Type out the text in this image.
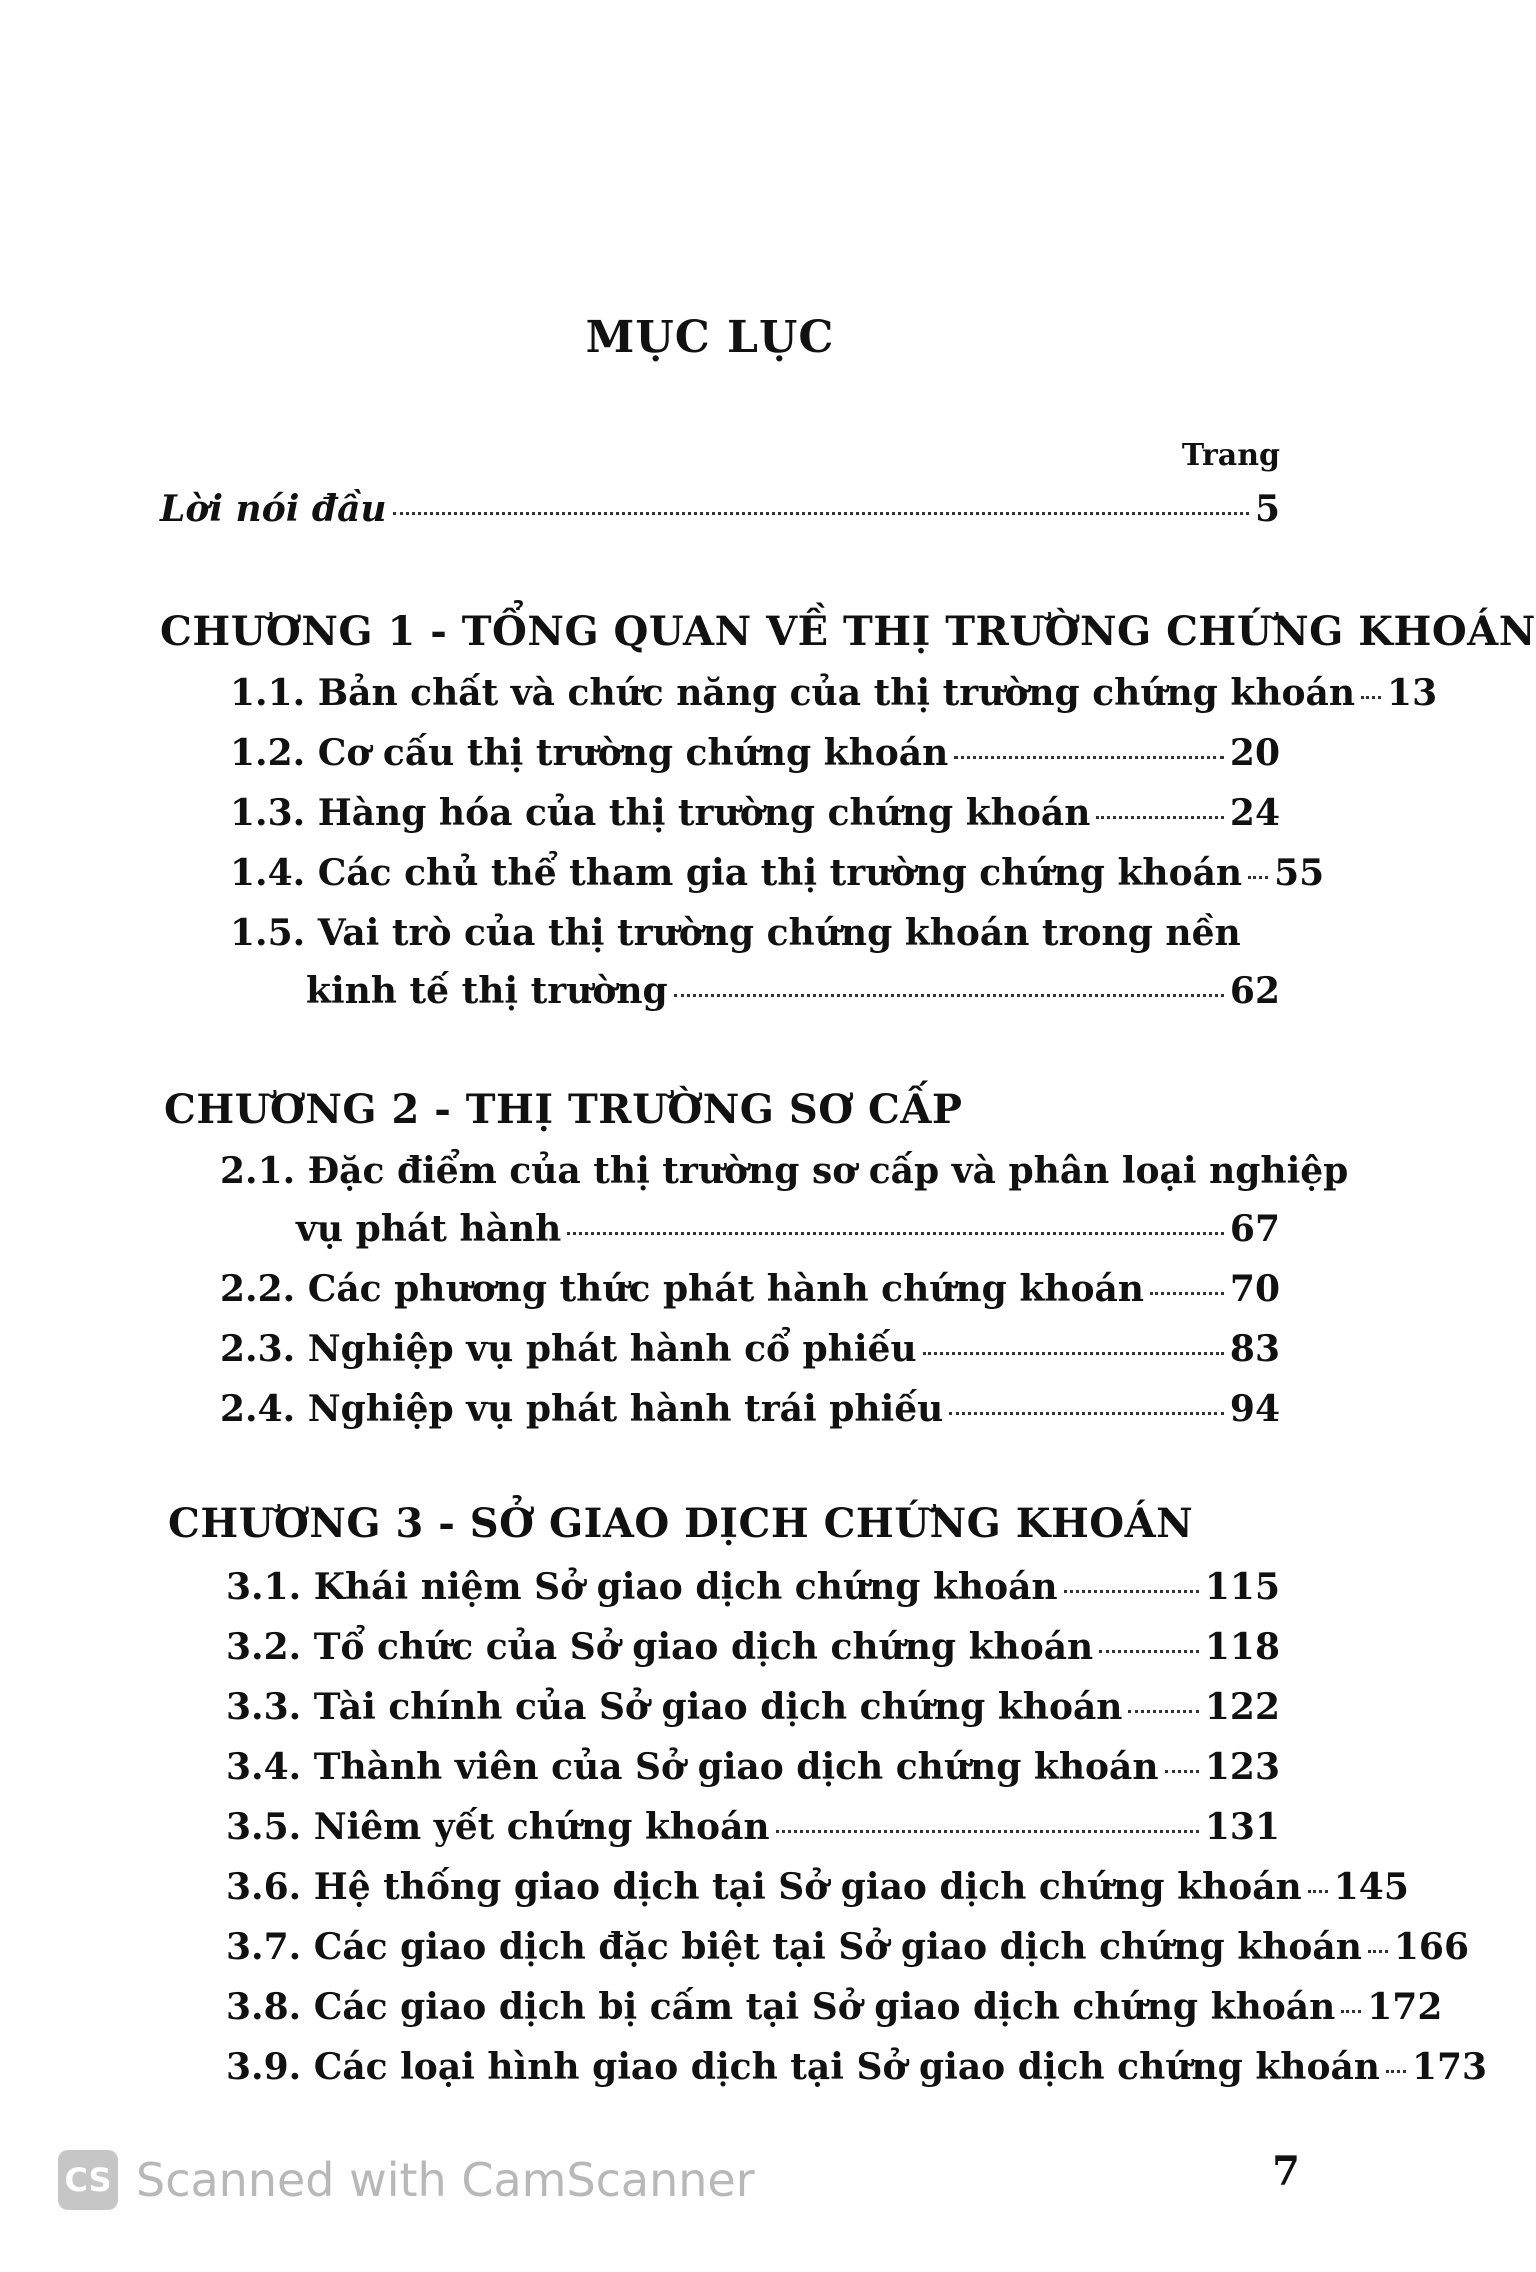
MỤC LỤC
Trang
Lời nói đầu	5
CHƯƠNG 1 - TỔNG QUAN VỀ THỊ TRƯỜNG CHỨNG KHOÁN
1.1. Bản chất và chức năng của thị trường chứng khoán 13
1.2. Cơ cấu thị trường chứng khoán	20
1.3. Hàng hóa của thị trường chứng khoán	24
1.4. Các chủ thể tham gia thị trường chứng khoán 55
1.5. Vai trò của thị trường chứng khoán trong nền
kinh tế thị trường	62
CHƯƠNG 2 - THỊ TRƯỜNG SƠ CẤP
2.1. Đặc điểm của thị trường sơ cấp và phân loại nghiệp
vụ phát hành	67
2.2. Các phương thức phát hành chứng khoán 70
2.3. Nghiệp vụ phát hành cổ phiếu	83
2.4. Nghiệp vụ phát hành trái phiếu	94
CHƯƠNG 3 - SỞ GIAO DỊCH CHỨNG KHOÁN
3.1. Khái niệm Sở giao dịch chứng khoán	115
3.2. Tổ chức của Sở giao dịch chứng khoán	118
3.3. Tài chính của Sở giao dịch chứng khoán 122
3.4. Thành viên của Sở giao dịch chứng khoán 123
3.5. Niêm yết chứng khoán	131
3.6. Hệ thống giao dịch tại Sở giao dịch chứng khoán 145
3.7. Các giao dịch đặc biệt tại Sở giao dịch chứng khoán 166
3.8. Các giao dịch bị cấm tại Sở giao dịch chứng khoán 172
3.9. Các loại hình giao dịch tại Sở giao dịch chứng khoán 173
CS Scanned with CamScanner	7
